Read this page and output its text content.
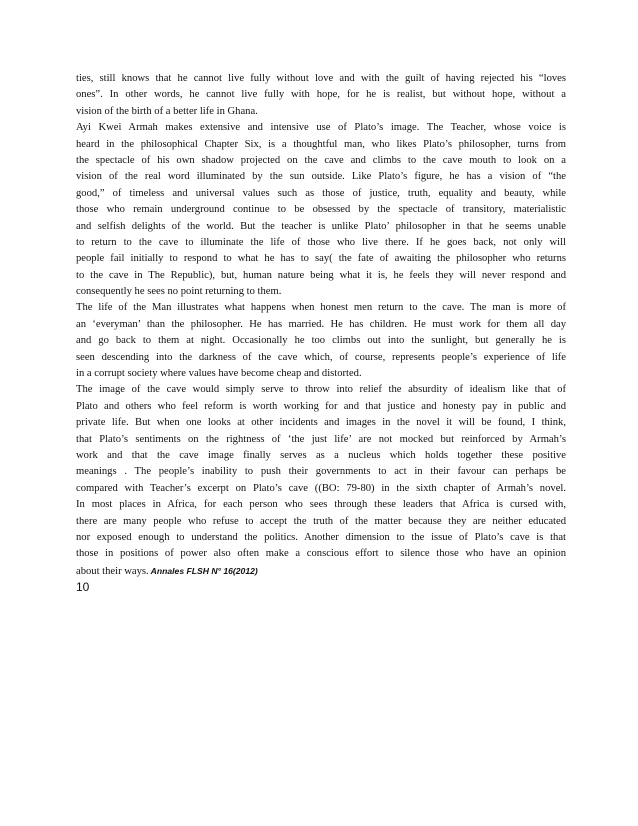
ties, still knows that he cannot live fully without love and with the guilt of having rejected his “loves
ones”. In other words, he cannot live fully with hope, for he is realist, but without hope, without a
vision of the birth of a better life in Ghana.
Ayi Kwei Armah makes extensive and intensive use of Plato’s image. The Teacher, whose voice is
heard in the philosophical Chapter Six, is a thoughtful man, who likes Plato’s philosopher, turns from
the spectacle of his own shadow projected on the cave and climbs to the cave mouth to look on a
vision of the real word illuminated by the sun outside. Like Plato’s figure, he has a vision of “the
good,” of timeless and universal values such as those of justice, truth, equality and beauty, while
those who remain underground continue to be obsessed by the spectacle of transitory, materialistic
and selfish delights of the world. But the teacher is unlike Plato’ philosopher in that he seems unable
to return to the cave to illuminate the life of those who live there. If he goes back, not only will
people fail initially to respond to what he has to say( the fate of awaiting the philosopher who returns
to the cave in The Republic), but, human nature being what it is, he feels they will never respond and
consequently he sees no point returning to them.
The life of the Man illustrates what happens when honest men return to the cave. The man is more of
an ‘everyman’ than the philosopher. He has married. He has children. He must work for them all day
and go back to them at night. Occasionally he too climbs out into the sunlight, but generally he is
seen descending into the darkness of the cave which, of course, represents people’s experience of life
in a corrupt society where values have become cheap and distorted.
The image of the cave would simply serve to throw into relief the absurdity of idealism like that of
Plato and others who feel reform is worth working for and that justice and honesty pay in public and
private life. But when one looks at other incidents and images in the novel it will be found, I think,
that Plato’s sentiments on the rightness of ‘the just life’ are not mocked but reinforced by Armah’s
work and that the cave image finally serves as a nucleus which holds together these positive
meanings . The people’s inability to push their governments to act in their favour can perhaps be
compared with Teacher’s excerpt on Plato’s cave ((BO: 79-80) in the sixth chapter of Armah’s novel.
In most places in Africa, for each person who sees through these leaders that Africa is cursed with,
there are many people who refuse to accept the truth of the matter because they are neither educated
nor exposed enough to understand the politics. Another dimension to the issue of Plato’s cave is that
those in positions of power also often make a conscious effort to silence those who have an opinion
about their ways. Annales FLSH N° 16(2012)
10
